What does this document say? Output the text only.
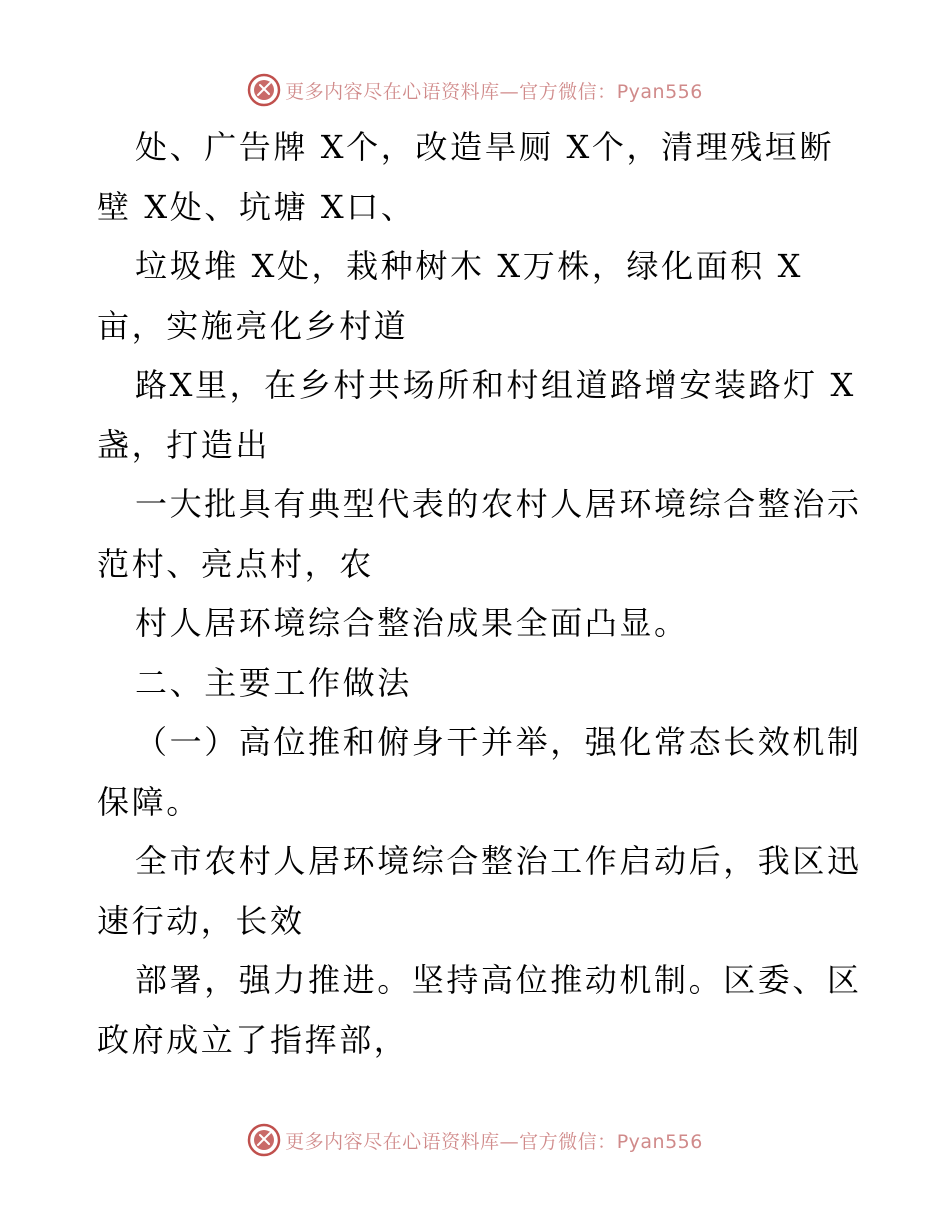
更多内容尽在心语资料库—官方微信：Pyan556
处、广告牌 X个，改造旱厕 X个，清理残垣断
壁 X处、坑塘 X口、
垃圾堆 X处，栽种树木 X万株，绿化面积 X
亩，实施亮化乡村道
路X里，在乡村共场所和村组道路增安装路灯 X
盏，打造出
一大批具有典型代表的农村人居环境综合整治示
范村、亮点村，农
村人居环境综合整治成果全面凸显。
二、主要工作做法
（一）高位推和俯身干并举，强化常态长效机制
保障。
全市农村人居环境综合整治工作启动后，我区迅
速行动，长效
部署，强力推进。坚持高位推动机制。区委、区
政府成立了指挥部，
更多内容尽在心语资料库—官方微信：Pyan556
